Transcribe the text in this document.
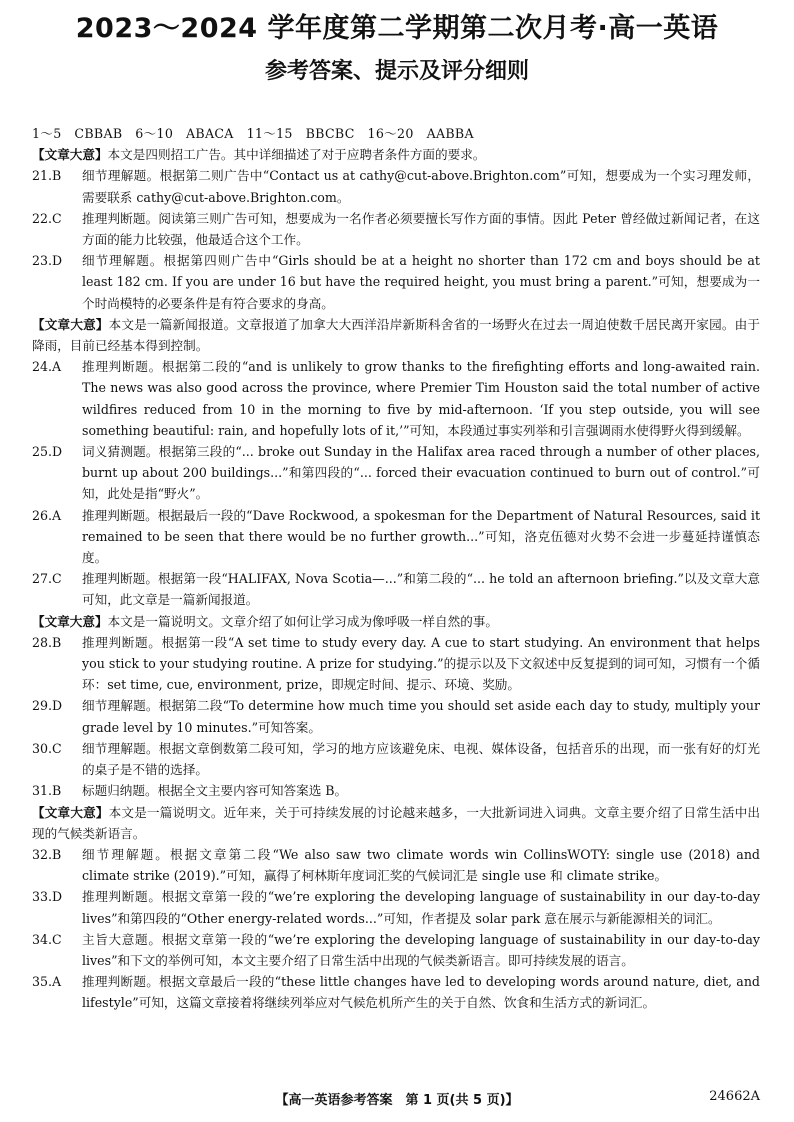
2023～2024 学年度第二学期第二次月考·高一英语
参考答案、提示及评分细则
1～5　CBBAB　6～10　ABACA　11～15　BBCBC　16～20　AABBA
【文章大意】本文是四则招工广告。其中详细描述了对于应聘者条件方面的要求。
21.B	细节理解题。根据第二则广告中“Contact us at cathy@cut-above.Brighton.com”可知，想要成为一个实习理发师，需要联系 cathy@cut-above.Brighton.com。
22.C	推理判断题。阅读第三则广告可知，想要成为一名作者必须要擅长写作方面的事情。因此 Peter 曾经做过新闻记者，在这方面的能力比较强，他最适合这个工作。
23.D	细节理解题。根据第四则广告中“Girls should be at a height no shorter than 172 cm and boys should be at least 182 cm. If you are under 16 but have the required height, you must bring a parent.”可知，想要成为一个时尚模特的必要条件是有符合要求的身高。
【文章大意】本文是一篇新闻报道。文章报道了加拿大大西洋沿岸新斯科舍省的一场野火在过去一周迫使数千居民离开家园。由于降雨，目前已经基本得到控制。
24.A	推理判断题。根据第二段的“and is unlikely to grow thanks to the firefighting efforts and long-awaited rain. The news was also good across the province, where Premier Tim Houston said the total number of active wildfires reduced from 10 in the morning to five by mid-afternoon. ‘If you step outside, you will see something beautiful: rain, and hopefully lots of it,’”可知，本段通过事实列举和引言强调雨水使得野火得到缓解。
25.D	词义猜测题。根据第三段的“... broke out Sunday in the Halifax area raced through a number of other places, burnt up about 200 buildings...”和第四段的“... forced their evacuation continued to burn out of control.”可知，此处是指“野火”。
26.A	推理判断题。根据最后一段的“Dave Rockwood, a spokesman for the Department of Natural Resources, said it remained to be seen that there would be no further growth...”可知，洛克伍德对火势不会进一步蔓延持谨慎态度。
27.C	推理判断题。根据第一段“HALIFAX, Nova Scotia—...”和第二段的“... he told an afternoon briefing.”以及文章大意可知，此文章是一篇新闻报道。
【文章大意】本文是一篇说明文。文章介绍了如何让学习成为像呼吸一样自然的事。
28.B	推理判断题。根据第一段“A set time to study every day. A cue to start studying. An environment that helps you stick to your studying routine. A prize for studying.”的提示以及下文叙述中反复提到的词可知，习惯有一个循环：set time, cue, environment, prize，即规定时间、提示、环境、奖励。
29.D	细节理解题。根据第二段“To determine how much time you should set aside each day to study, multiply your grade level by 10 minutes.”可知答案。
30.C	细节理解题。根据文章倒数第二段可知，学习的地方应该避免床、电视、媒体设备，包括音乐的出现，而一张有好的灯光的桌子是不错的选择。
31.B	标题归纳题。根据全文主要内容可知答案选 B。
【文章大意】本文是一篇说明文。近年来，关于可持续发展的讨论越来越多，一大批新词进入词典。文章主要介绍了日常生活中出现的气候类新语言。
32.B	细节理解题。根据文章第二段“We also saw two climate words win CollinsWOTY: single use (2018) and climate strike (2019).”可知，赢得了柯林斯年度词汇奖的气候词汇是 single use 和 climate strike。
33.D	推理判断题。根据文章第一段的“we’re exploring the developing language of sustainability in our day-to-day lives”和第四段的“Other energy-related words...”可知，作者提及 solar park 意在展示与新能源相关的词汇。
34.C	主旨大意题。根据文章第一段的“we’re exploring the developing language of sustainability in our day-to-day lives”和下文的举例可知，本文主要介绍了日常生活中出现的气候类新语言。即可持续发展的语言。
35.A	推理判断题。根据文章最后一段的“these little changes have led to developing words around nature, diet, and lifestyle”可知，这篇文章接着将继续列举应对气候危机所产生的关于自然、饮食和生活方式的新词汇。
【高一英语参考答案　第 1 页(共 5 页)】	24662A
